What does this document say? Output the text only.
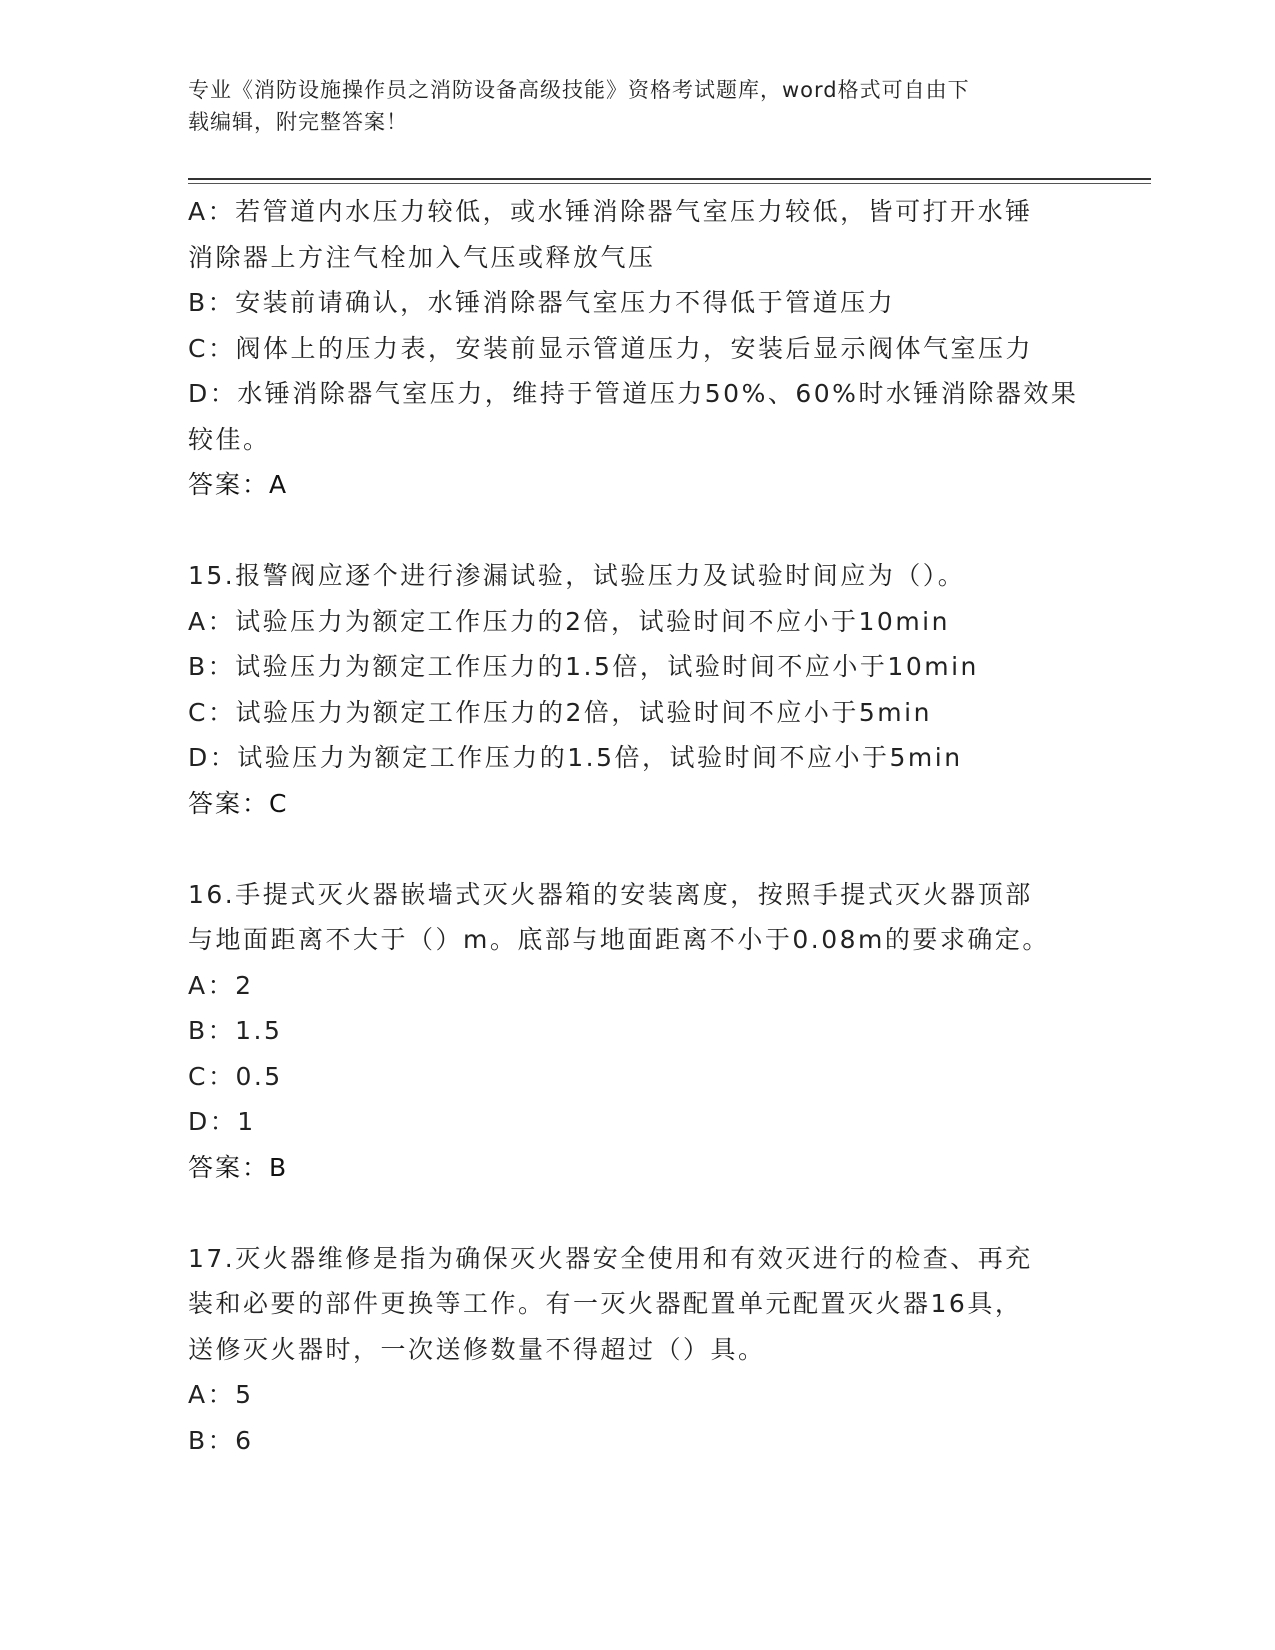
专业《消防设施操作员之消防设备高级技能》资格考试题库，word格式可自由下
载编辑，附完整答案！
A：若管道内水压力较低，或水锤消除器气室压力较低，皆可打开水锤
消除器上方注气栓加入气压或释放气压
B：安装前请确认，水锤消除器气室压力不得低于管道压力
C：阀体上的压力表，安装前显示管道压力，安装后显示阀体气室压力
D：水锤消除器气室压力，维持于管道压力50%、60%时水锤消除器效果
较佳。
答案：A
15.报警阀应逐个进行渗漏试验，试验压力及试验时间应为（）。
A：试验压力为额定工作压力的2倍，试验时间不应小于10min
B：试验压力为额定工作压力的1.5倍，试验时间不应小于10min
C：试验压力为额定工作压力的2倍，试验时间不应小于5min
D：试验压力为额定工作压力的1.5倍，试验时间不应小于5min
答案：C
16.手提式灭火器嵌墙式灭火器箱的安装离度，按照手提式灭火器顶部
与地面距离不大于（）m。底部与地面距离不小于0.08m的要求确定。
A：2
B：1.5
C：0.5
D：1
答案：B
17.灭火器维修是指为确保灭火器安全使用和有效灭进行的检查、再充
装和必要的部件更换等工作。有一灭火器配置单元配置灭火器16具，
送修灭火器时，一次送修数量不得超过（）具。
A：5
B：6
